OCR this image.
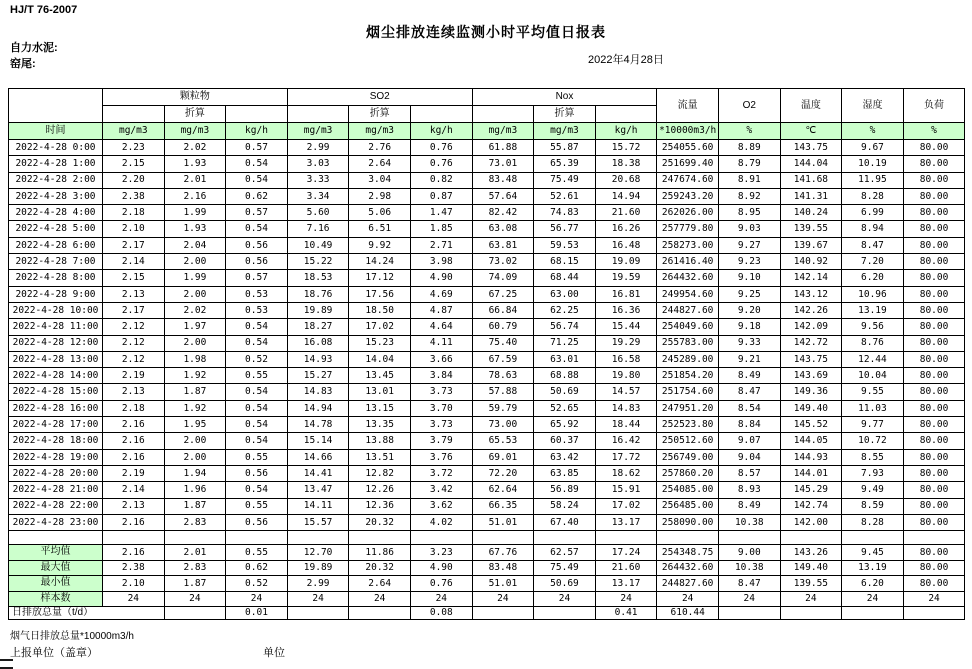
HJ/T 76-2007
烟尘排放连续监测小时平均值日报表
自力水泥:
窑尾:	2022年4月28日
	颗粒物			SO2			Nox			流量	O2	温度	湿度	负荷
		折算			折算			折算						
时间	mg/m3	mg/m3	kg/h	mg/m3	mg/m3	kg/h	mg/m3	mg/m3	kg/h	*10000m3/h	%	℃	%	%
2022-4-28 0:00	2.23	2.02	0.57	2.99	2.76	0.76	61.88	55.87	15.72	254055.60	8.89	143.75	9.67	80.00
2022-4-28 1:00	2.15	1.93	0.54	3.03	2.64	0.76	73.01	65.39	18.38	251699.40	8.79	144.04	10.19	80.00
2022-4-28 2:00	2.20	2.01	0.54	3.33	3.04	0.82	83.48	75.49	20.68	247674.60	8.91	141.68	11.95	80.00
2022-4-28 3:00	2.38	2.16	0.62	3.34	2.98	0.87	57.64	52.61	14.94	259243.20	8.92	141.31	8.28	80.00
2022-4-28 4:00	2.18	1.99	0.57	5.60	5.06	1.47	82.42	74.83	21.60	262026.00	8.95	140.24	6.99	80.00
2022-4-28 5:00	2.10	1.93	0.54	7.16	6.51	1.85	63.08	56.77	16.26	257779.80	9.03	139.55	8.94	80.00
2022-4-28 6:00	2.17	2.04	0.56	10.49	9.92	2.71	63.81	59.53	16.48	258273.00	9.27	139.67	8.47	80.00
2022-4-28 7:00	2.14	2.00	0.56	15.22	14.24	3.98	73.02	68.15	19.09	261416.40	9.23	140.92	7.20	80.00
2022-4-28 8:00	2.15	1.99	0.57	18.53	17.12	4.90	74.09	68.44	19.59	264432.60	9.10	142.14	6.20	80.00
2022-4-28 9:00	2.13	2.00	0.53	18.76	17.56	4.69	67.25	63.00	16.81	249954.60	9.25	143.12	10.96	80.00
2022-4-28 10:00	2.17	2.02	0.53	19.89	18.50	4.87	66.84	62.25	16.36	244827.60	9.20	142.26	13.19	80.00
2022-4-28 11:00	2.12	1.97	0.54	18.27	17.02	4.64	60.79	56.74	15.44	254049.60	9.18	142.09	9.56	80.00
2022-4-28 12:00	2.12	2.00	0.54	16.08	15.23	4.11	75.40	71.25	19.29	255783.00	9.33	142.72	8.76	80.00
2022-4-28 13:00	2.12	1.98	0.52	14.93	14.04	3.66	67.59	63.01	16.58	245289.00	9.21	143.75	12.44	80.00
2022-4-28 14:00	2.19	1.92	0.55	15.27	13.45	3.84	78.63	68.88	19.80	251854.20	8.49	143.69	10.04	80.00
2022-4-28 15:00	2.13	1.87	0.54	14.83	13.01	3.73	57.88	50.69	14.57	251754.60	8.47	149.36	9.55	80.00
2022-4-28 16:00	2.18	1.92	0.54	14.94	13.15	3.70	59.79	52.65	14.83	247951.20	8.54	149.40	11.03	80.00
2022-4-28 17:00	2.16	1.95	0.54	14.78	13.35	3.73	73.00	65.92	18.44	252523.80	8.84	145.52	9.77	80.00
2022-4-28 18:00	2.16	2.00	0.54	15.14	13.88	3.79	65.53	60.37	16.42	250512.60	9.07	144.05	10.72	80.00
2022-4-28 19:00	2.16	2.00	0.55	14.66	13.51	3.76	69.01	63.42	17.72	256749.00	9.04	144.93	8.55	80.00
2022-4-28 20:00	2.19	1.94	0.56	14.41	12.82	3.72	72.20	63.85	18.62	257860.20	8.57	144.01	7.93	80.00
2022-4-28 21:00	2.14	1.96	0.54	13.47	12.26	3.42	62.64	56.89	15.91	254085.00	8.93	145.29	9.49	80.00
2022-4-28 22:00	2.13	1.87	0.55	14.11	12.36	3.62	66.35	58.24	17.02	256485.00	8.49	142.74	8.59	80.00
2022-4-28 23:00	2.16	2.83	0.56	15.57	20.32	4.02	51.01	67.40	13.17	258090.00	10.38	142.00	8.28	80.00

平均值	2.16	2.01	0.55	12.70	11.86	3.23	67.76	62.57	17.24	254348.75	9.00	143.26	9.45	80.00
最大值	2.38	2.83	0.62	19.89	20.32	4.90	83.48	75.49	21.60	264432.60	10.38	149.40	13.19	80.00
最小值	2.10	1.87	0.52	2.99	2.64	0.76	51.01	50.69	13.17	244827.60	8.47	139.55	6.20	80.00
样本数	24	24	24	24	24	24	24	24	24	24	24	24	24	24
日排放总量（t/d）			0.01			0.08			0.41	610.44				
烟气日排放总量*10000m3/h
上报单位（盖章）	单位
